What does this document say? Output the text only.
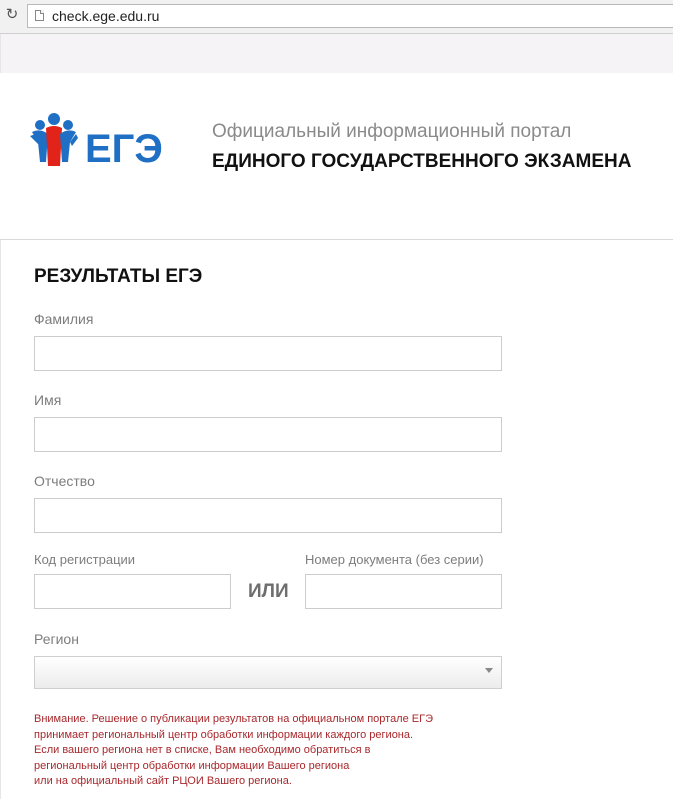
↻ check.ege.edu.ru
ЕГЭ	Официальный информационный портал
ЕДИНОГО ГОСУДАРСТВЕННОГО ЭКЗАМЕНА
РЕЗУЛЬТАТЫ ЕГЭ
Фамилия
Имя
Отчество
Код регистрации
ИЛИ
Номер документа (без серии)
Регион
Внимание. Решение о публикации результатов на официальном портале ЕГЭ
принимает региональный центр обработки информации каждого региона.
Если вашего региона нет в списке, Вам необходимо обратиться в
региональный центр обработки информации Вашего региона
или на официальный сайт РЦОИ Вашего региона.
